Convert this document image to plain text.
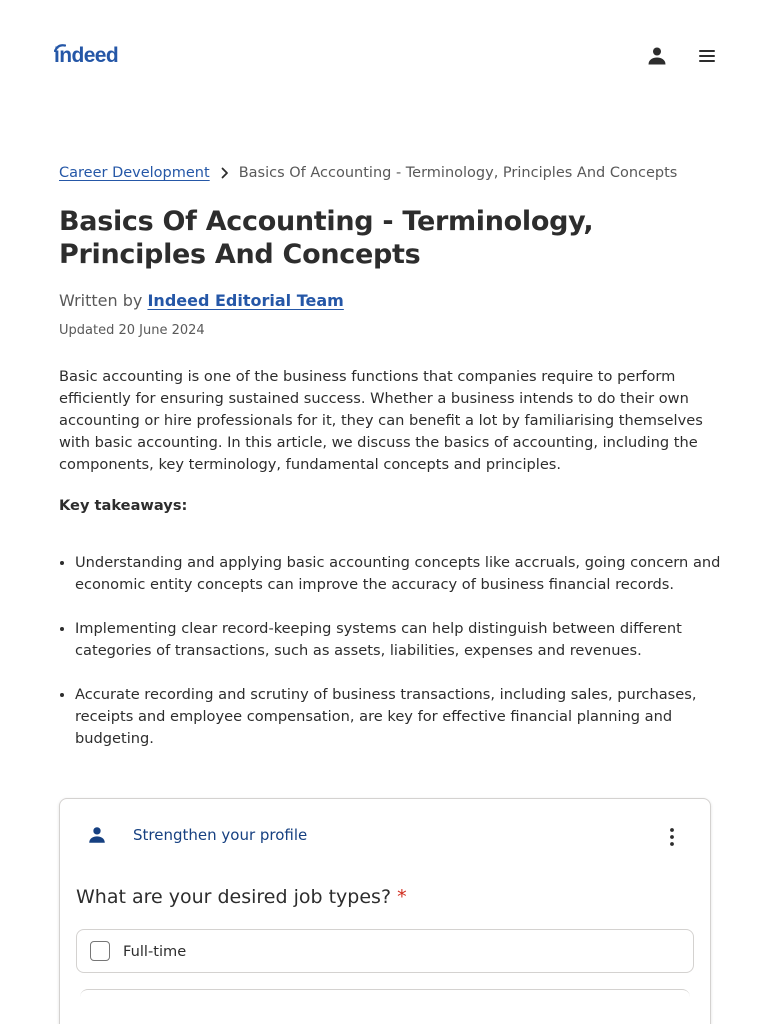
indeed
Career Development Basics Of Accounting - Terminology, Principles And Concepts
Basics Of Accounting - Terminology, Principles And Concepts
Written by Indeed Editorial Team
Updated 20 June 2024

Basic accounting is one of the business functions that companies require to perform efficiently for ensuring sustained success. Whether a business intends to do their own accounting or hire professionals for it, they can benefit a lot by familiarising themselves with basic accounting. In this article, we discuss the basics of accounting, including the components, key terminology, fundamental concepts and principles.

Key takeaways:
• Understanding and applying basic accounting concepts like accruals, going concern and economic entity concepts can improve the accuracy of business financial records.
• Implementing clear record-keeping systems can help distinguish between different categories of transactions, such as assets, liabilities, expenses and revenues.
• Accurate recording and scrutiny of business transactions, including sales, purchases, receipts and employee compensation, are key for effective financial planning and budgeting.
Strengthen your profile
What are your desired job types? *
Full-time
